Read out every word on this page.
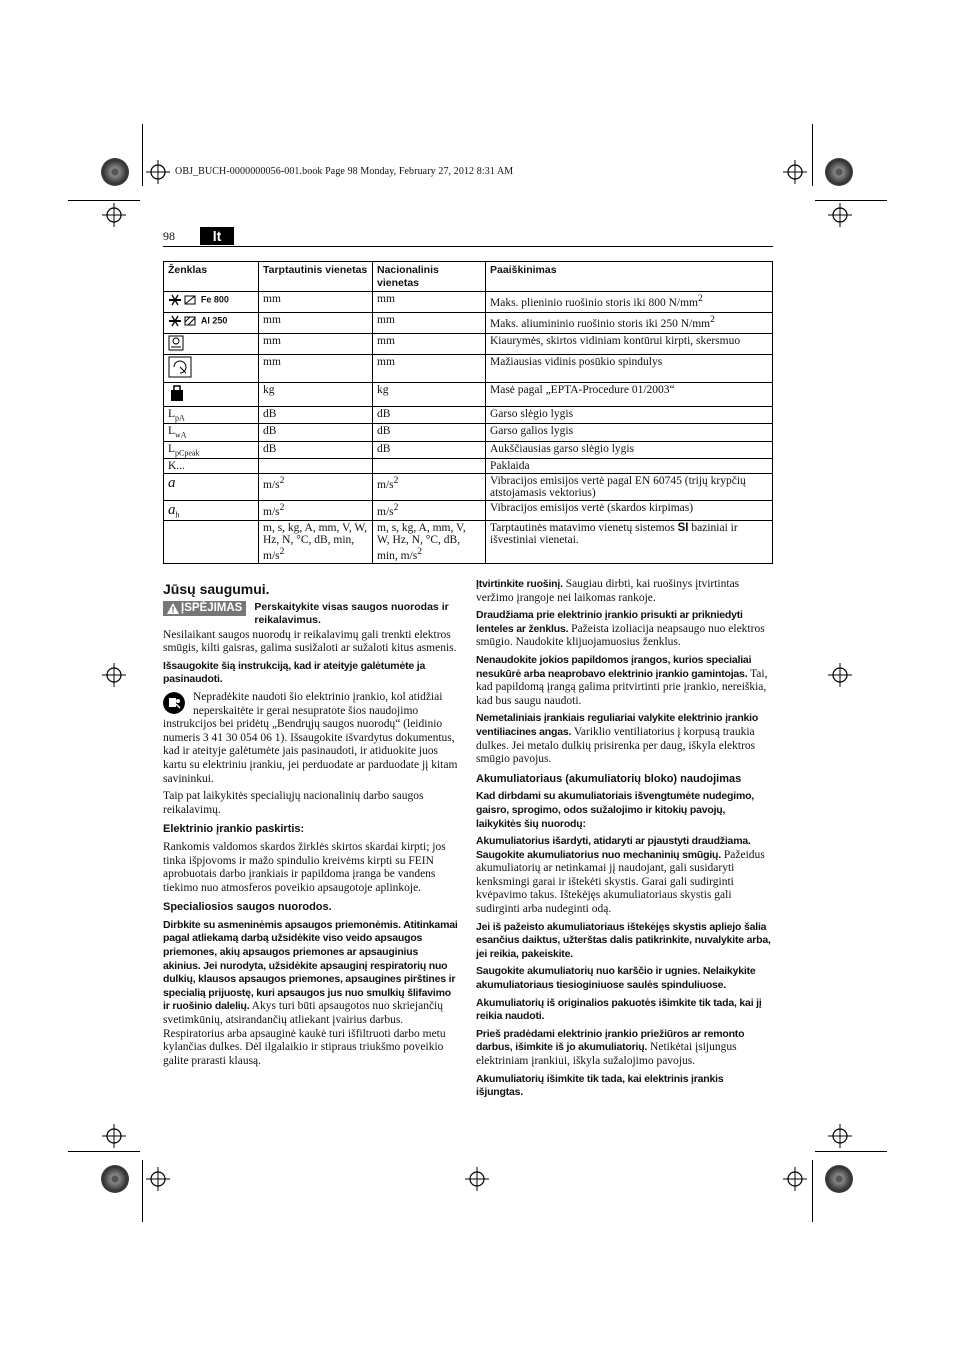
OBJ_BUCH-0000000056-001.book Page 98 Monday, February 27, 2012 8:31 AM
98	lt
Ženklas	Tarptautinis vienetas	Nacionalinis vienetas	Paaiškinimas
Fe 800	mm	mm	Maks. plieninio ruošinio storis iki 800 $N/mm^2$
Al 250	mm	mm	Maks. aliumininio ruošinio storis iki 250 $N/mm^2$
	mm	mm	Kiaurymės, skirtos vidiniam kontūrui kirpti, skersmuo
	mm	mm	Mažiausias vidinis posūkio spindulys
	kg	kg	Masė pagal „EPTA-Procedure 01/2003“
$L_{pA}$	dB	dB	Garso slėgio lygis
$L_{wA}$	dB	dB	Garso galios lygis
$L_{pCpeak}$	dB	dB	Aukščiausias garso slėgio lygis
K...			Paklaida
a	$m/s^2$	$m/s^2$	Vibracijos emisijos vertė pagal EN 60745 (trijų krypčių atstojamasis vektorius)
$a_h$	$m/s^2$	$m/s^2$	Vibracijos emisijos vertė (skardos kirpimas)
	m, s, kg, A, mm, V, W, Hz, N, °C, dB, min, $m/s^2$	m, s, kg, A, mm, V, W, Hz, N, °C, dB, min, $m/s^2$	Tarptautinės matavimo vienetų sistemos SI baziniai ir išvestiniai vienetai.
Jūsų saugumui.
ĮSPĖJIMAS Perskaitykite visas saugos nuorodas ir reikalavimus.

Nesilaikant saugos nuorodų ir reikalavimų gali trenkti elektros smūgis, kilti gaisras, galima susižaloti ar sužaloti kitus asmenis.

Išsaugokite šią instrukciją, kad ir ateityje galėtumėte ja pasinaudoti.

Nepradėkite naudoti šio elektrinio įrankio, kol atidžiai neperskaitėte ir gerai nesupratote šios naudojimo instrukcijos bei pridėtų „Bendrųjų saugos nuorodų“ (leidinio numeris 3 41 30 054 06 1). Išsaugokite išvardytus dokumentus, kad ir ateityje galėtumėte jais pasinaudoti, ir atiduokite juos kartu su elektriniu įrankiu, jei perduodate ar parduodate jį kitam savininkui.

Taip pat laikykitės specialiųjų nacionalinių darbo saugos reikalavimų.

Elektrinio įrankio paskirtis:

Rankomis valdomos skardos žirklės skirtos skardai kirpti; jos tinka išpjovoms ir mažo spindulio kreivėms kirpti su FEIN aprobuotais darbo įrankiais ir papildoma įranga be vandens tiekimo nuo atmosferos poveikio apsaugotoje aplinkoje.

Specialiosios saugos nuorodos.

Dirbkite su asmeninėmis apsaugos priemonėmis. Atitinkamai pagal atliekamą darbą užsidėkite viso veido apsaugos priemones, akių apsaugos priemones ar apsauginius akinius. Jei nurodyta, užsidėkite apsauginį respiratorių nuo dulkių, klausos apsaugos priemones, apsaugines pirštines ir specialią prijuostę, kuri apsaugos jus nuo smulkių šlifavimo ir ruošinio dalelių. Akys turi būti apsaugotos nuo skriejančių svetimkūnių, atsirandančių atliekant įvairius darbus. Respiratorius arba apsauginė kaukė turi išfiltruoti darbo metu kylančias dulkes. Dėl ilgalaikio ir stipraus triukšmo poveikio galite prarasti klausą.

Įtvirtinkite ruošinį. Saugiau dirbti, kai ruošinys įtvirtintas veržimo įrangoje nei laikomas rankoje.

Draudžiama prie elektrinio įrankio prisukti ar prikniedyti lenteles ar ženklus. Pažeista izoliacija neapsaugo nuo elektros smūgio. Naudokite klijuojamuosius ženklus.

Nenaudokite jokios papildomos įrangos, kurios specialiai nesukūrė arba neaprobavo elektrinio įrankio gamintojas. Tai, kad papildomą įrangą galima pritvirtinti prie įrankio, nereiškia, kad bus saugu naudoti.

Nemetaliniais įrankiais reguliariai valykite elektrinio įrankio ventiliacines angas. Variklio ventiliatorius į korpusą traukia dulkes. Jei metalo dulkių prisirenka per daug, iškyla elektros smūgio pavojus.

Akumuliatoriaus (akumuliatorių bloko) naudojimas

Kad dirbdami su akumuliatoriais išvengtumėte nudegimo, gaisro, sprogimo, odos sužalojimo ir kitokių pavojų, laikykitės šių nuorodų:

Akumuliatorius išardyti, atidaryti ar pjaustyti draudžiama. Saugokite akumuliatorius nuo mechaninių smūgių. Pažeidus akumuliatorių ar netinkamai jį naudojant, gali susidaryti kenksmingi garai ir ištekėti skystis. Garai gali sudirginti kvėpavimo takus. Ištekėjęs akumuliatoriaus skystis gali sudirginti arba nudeginti odą.

Jei iš pažeisto akumuliatoriaus ištekėjęs skystis apliejo šalia esančius daiktus, užterštas dalis patikrinkite, nuvalykite arba, jei reikia, pakeiskite.

Saugokite akumuliatorių nuo karščio ir ugnies. Nelaikykite akumuliatoriaus tiesioginiuose saulės spinduliuose.

Akumuliatorių iš originalios pakuotės išimkite tik tada, kai jį reikia naudoti.

Prieš pradėdami elektrinio įrankio priežiūros ar remonto darbus, išimkite iš jo akumuliatorių. Netikėtai įsijungus elektriniam įrankiui, iškyla sužalojimo pavojus.

Akumuliatorių išimkite tik tada, kai elektrinis įrankis išjungtas.
